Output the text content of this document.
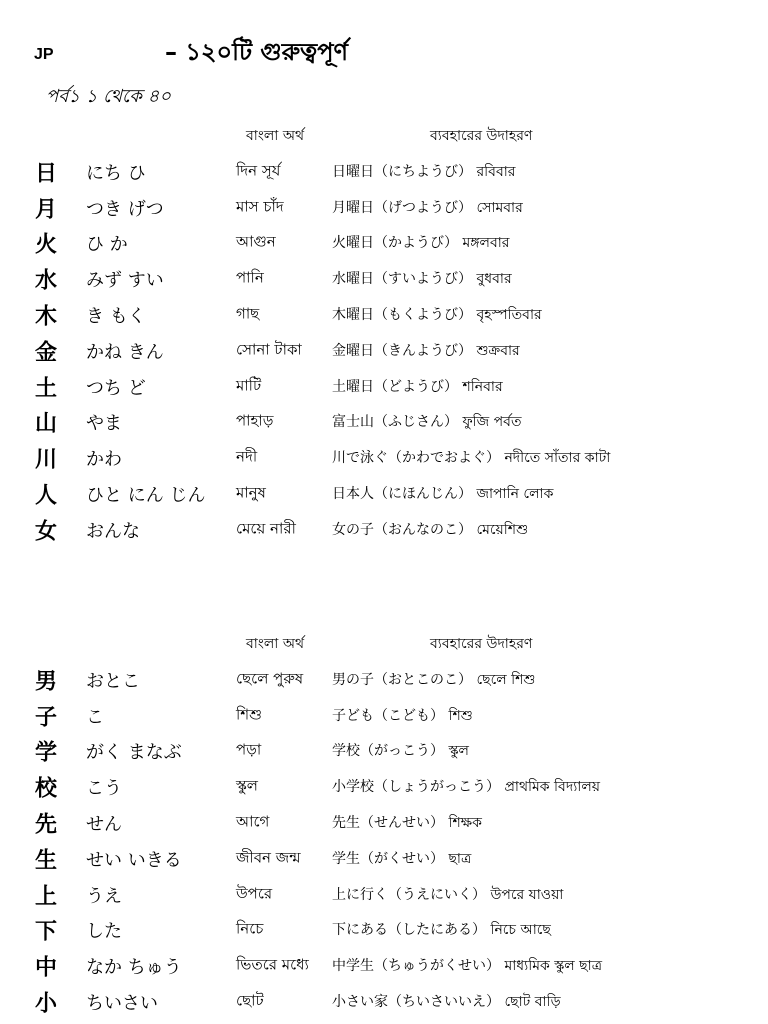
JP	– ১২০টি গুরুত্বপূর্ণ
পর্ব১ ১ থেকে ৪০
বাংলা অর্থ	ব্যবহারের উদাহরণ
日 にち ひ	দিন সূর্য	日曜日（にちようび） রবিবার
月 つき げつ	মাস চাঁদ	月曜日（げつようび） সোমবার
火 ひ か	আগুন	火曜日（かようび） মঙ্গলবার
水 みず すい	পানি	水曜日（すいようび） বুধবার
木 き もく	গাছ	木曜日（もくようび） বৃহস্পতিবার
金 かね きん	সোনা টাকা 金曜日（きんようび） শুক্রবার
土 つち ど	মাটি	土曜日（どようび） শনিবার
山 やま	পাহাড়	富士山（ふじさん） ফুজি পর্বত
川 かわ	নদী	川で泳ぐ（かわでおよぐ） নদীতে সাঁতার কাটা
人 ひと にん じん মানুষ	日本人（にほんじん） জাপানি লোক
女 おんな	মেয়ে নারী	女の子（おんなのこ） মেয়েশিশু
বাংলা অর্থ	ব্যবহারের উদাহরণ
男 おとこ	ছেলে পুরুষ 男の子（おとこのこ） ছেলে শিশু
子 こ	শিশু	子ども（こども） শিশু
学 がく まなぶ	পড়া	学校（がっこう） স্কুল
校 こう	স্কুল	小学校（しょうがっこう） প্রাথমিক বিদ্যালয়
先 せん	আগে	先生（せんせい） শিক্ষক
生 せい いきる	জীবন জন্ম 学生（がくせい） ছাত্র
上 うえ	উপরে	上に行く（うえにいく） উপরে যাওয়া
下 した	নিচে	下にある（したにある） নিচে আছে
中 なか ちゅう	ভিতরে মধ্যে 中学生（ちゅうがくせい） মাধ্যমিক স্কুল ছাত্র
小 ちいさい	ছোট	小さい家（ちいさいいえ） ছোট বাড়ি
